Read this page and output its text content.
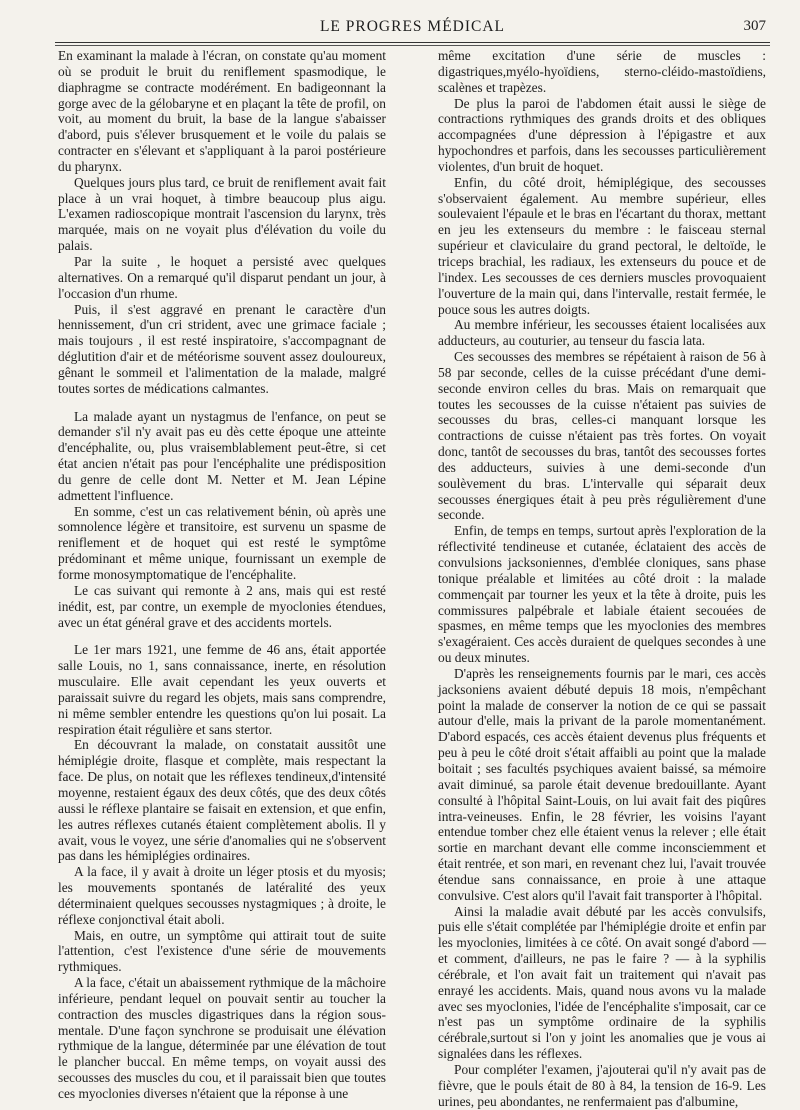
LE PROGRES MÉDICAL	307

En examinant la malade à l'écran, on constate qu'au moment où se produit le bruit du reniflement spasmodique, le diaphragme se contracte modérément. En badigeonnant la gorge avec de la gélobaryne et en plaçant la tête de profil, on voit, au moment du bruit, la base de la langue s'abaisser d'abord, puis s'élever brusquement et le voile du palais se contracter en s'élevant et s'appliquant à la paroi postérieure du pharynx.

Quelques jours plus tard, ce bruit de reniflement avait fait place à un vrai hoquet, à timbre beaucoup plus aigu. L'examen radioscopique montrait l'ascension du larynx, très marquée, mais on ne voyait plus d'élévation du voile du palais.

Par la suite , le hoquet a persisté avec quelques alternatives. On a remarqué qu'il disparut pendant un jour, à l'occasion d'un rhume.

Puis, il s'est aggravé en prenant le caractère d'un hennissement, d'un cri strident, avec une grimace faciale ; mais toujours , il est resté inspiratoire, s'accompagnant de déglutition d'air et de météorisme souvent assez douloureux, gênant le sommeil et l'alimentation de la malade, malgré toutes sortes de médications calmantes.

La malade ayant un nystagmus de l'enfance, on peut se demander s'il n'y avait pas eu dès cette époque une atteinte d'encéphalite, ou, plus vraisemblablement peut-être, si cet état ancien n'était pas pour l'encéphalite une prédisposition du genre de celle dont M. Netter et M. Jean Lépine admettent l'influence.

En somme, c'est un cas relativement bénin, où après une somnolence légère et transitoire, est survenu un spasme de reniflement et de hoquet qui est resté le symptôme prédominant et même unique, fournissant un exemple de forme monosymptomatique de l'encéphalite.

Le cas suivant qui remonte à 2 ans, mais qui est resté inédit, est, par contre, un exemple de myoclonies étendues, avec un état général grave et des accidents mortels.

Le 1er mars 1921, une femme de 46 ans, était apportée salle Louis, no 1, sans connaissance, inerte, en résolution musculaire. Elle avait cependant les yeux ouverts et paraissait suivre du regard les objets, mais sans comprendre, ni même sembler entendre les questions qu'on lui posait. La respiration était régulière et sans stertor.

En découvrant la malade, on constatait aussitôt une hémiplégie droite, flasque et complète, mais respectant la face. De plus, on notait que les réflexes tendineux,d'intensité moyenne, restaient égaux des deux côtés, que des deux côtés aussi le réflexe plantaire se faisait en extension, et que enfin, les autres réflexes cutanés étaient complètement abolis. Il y avait, vous le voyez, une série d'anomalies qui ne s'observent pas dans les hémiplégies ordinaires.

A la face, il y avait à droite un léger ptosis et du myosis; les mouvements spontanés de latéralité des yeux déterminaient quelques secousses nystagmiques ; à droite, le réflexe conjonctival était aboli.

Mais, en outre, un symptôme qui attirait tout de suite l'attention, c'est l'existence d'une série de mouvements rythmiques.

A la face, c'était un abaissement rythmique de la mâchoire inférieure, pendant lequel on pouvait sentir au toucher la contraction des muscles digastriques dans la région sous-mentale. D'une façon synchrone se produisait une élévation rythmique de la langue, déterminée par une élévation de tout le plancher buccal. En même temps, on voyait aussi des secousses des muscles du cou, et il paraissait bien que toutes ces myoclonies diverses n'étaient que la réponse à une

même excitation d'une série de muscles : digastriques,myélo-hyoïdiens, sterno-cléido-mastoïdiens, scalènes et trapèzes.

De plus la paroi de l'abdomen était aussi le siège de contractions rythmiques des grands droits et des obliques accompagnées d'une dépression à l'épigastre et aux hypochondres et parfois, dans les secousses particulièrement violentes, d'un bruit de hoquet.

Enfin, du côté droit, hémiplégique, des secousses s'observaient également. Au membre supérieur, elles soulevaient l'épaule et le bras en l'écartant du thorax, mettant en jeu les extenseurs du membre : le faisceau sternal supérieur et claviculaire du grand pectoral, le deltoïde, le triceps brachial, les radiaux, les extenseurs du pouce et de l'index. Les secousses de ces derniers muscles provoquaient l'ouverture de la main qui, dans l'intervalle, restait fermée, le pouce sous les autres doigts.

Au membre inférieur, les secousses étaient localisées aux adducteurs, au couturier, au tenseur du fascia lata.

Ces secousses des membres se répétaient à raison de 56 à 58 par seconde, celles de la cuisse précédant d'une demi-seconde environ celles du bras. Mais on remarquait que toutes les secousses de la cuisse n'étaient pas suivies de secousses du bras, celles-ci manquant lorsque les contractions de cuisse n'étaient pas très fortes. On voyait donc, tantôt de secousses du bras, tantôt des secousses fortes des adducteurs, suivies à une demi-seconde d'un soulèvement du bras. L'intervalle qui séparait deux secousses énergiques était à peu près régulièrement d'une seconde.

Enfin, de temps en temps, surtout après l'exploration de la réflectivité tendineuse et cutanée, éclataient des accès de convulsions jacksoniennes, d'emblée cloniques, sans phase tonique préalable et limitées au côté droit : la malade commençait par tourner les yeux et la tête à droite, puis les commissures palpébrale et labiale étaient secouées de spasmes, en même temps que les myoclonies des membres s'exagéraient. Ces accès duraient de quelques secondes à une ou deux minutes.

D'après les renseignements fournis par le mari, ces accès jacksoniens avaient débuté depuis 18 mois, n'empêchant point la malade de conserver la notion de ce qui se passait autour d'elle, mais la privant de la parole momentanément. D'abord espacés, ces accès étaient devenus plus fréquents et peu à peu le côté droit s'était affaibli au point que la malade boitait ; ses facultés psychiques avaient baissé, sa mémoire avait diminué, sa parole était devenue bredouillante. Ayant consulté à l'hôpital Saint-Louis, on lui avait fait des piqûres intra-veineuses. Enfin, le 28 février, les voisins l'ayant entendue tomber chez elle étaient venus la relever ; elle était sortie en marchant devant elle comme inconsciemment et était rentrée, et son mari, en revenant chez lui, l'avait trouvée étendue sans connaissance, en proie à une attaque convulsive. C'est alors qu'il l'avait fait transporter à l'hôpital.

Ainsi la maladie avait débuté par les accès convulsifs, puis elle s'était complétée par l'hémiplégie droite et enfin par les myoclonies, limitées à ce côté. On avait songé d'abord — et comment, d'ailleurs, ne pas le faire ? — à la syphilis cérébrale, et l'on avait fait un traitement qui n'avait pas enrayé les accidents. Mais, quand nous avons vu la malade avec ses myoclonies, l'idée de l'encéphalite s'imposait, car ce n'est pas un symptôme ordinaire de la syphilis cérébrale,surtout si l'on y joint les anomalies que je vous ai signalées dans les réflexes.

Pour compléter l'examen, j'ajouterai qu'il n'y avait pas de fièvre, que le pouls était de 80 à 84, la tension de 16-9. Les urines, peu abondantes, ne renfermaient pas d'albumine,
